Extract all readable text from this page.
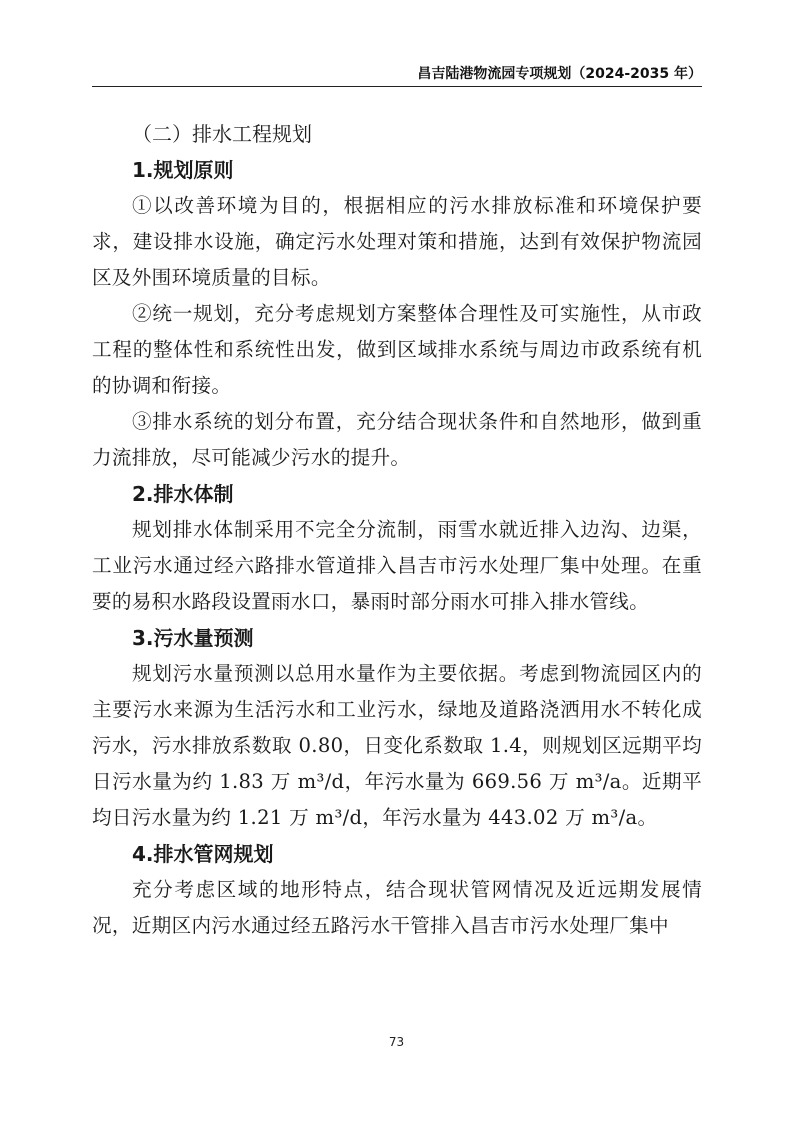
昌吉陆港物流园专项规划（2024-2035 年）

（二）排水工程规划

1.规划原则

①以改善环境为目的，根据相应的污水排放标准和环境保护要求，建设排水设施，确定污水处理对策和措施，达到有效保护物流园区及外围环境质量的目标。

②统一规划，充分考虑规划方案整体合理性及可实施性，从市政工程的整体性和系统性出发，做到区域排水系统与周边市政系统有机的协调和衔接。

③排水系统的划分布置，充分结合现状条件和自然地形，做到重力流排放，尽可能减少污水的提升。

2.排水体制

规划排水体制采用不完全分流制，雨雪水就近排入边沟、边渠，工业污水通过经六路排水管道排入昌吉市污水处理厂集中处理。在重要的易积水路段设置雨水口，暴雨时部分雨水可排入排水管线。

3.污水量预测

规划污水量预测以总用水量作为主要依据。考虑到物流园区内的主要污水来源为生活污水和工业污水，绿地及道路浇洒用水不转化成污水，污水排放系数取 0.80，日变化系数取 1.4，则规划区远期平均日污水量为约 1.83 万 m³/d，年污水量为 669.56 万 m³/a。近期平均日污水量为约 1.21 万 m³/d，年污水量为 443.02 万 m³/a。

4.排水管网规划

充分考虑区域的地形特点，结合现状管网情况及近远期发展情况，近期区内污水通过经五路污水干管排入昌吉市污水处理厂集中

73
